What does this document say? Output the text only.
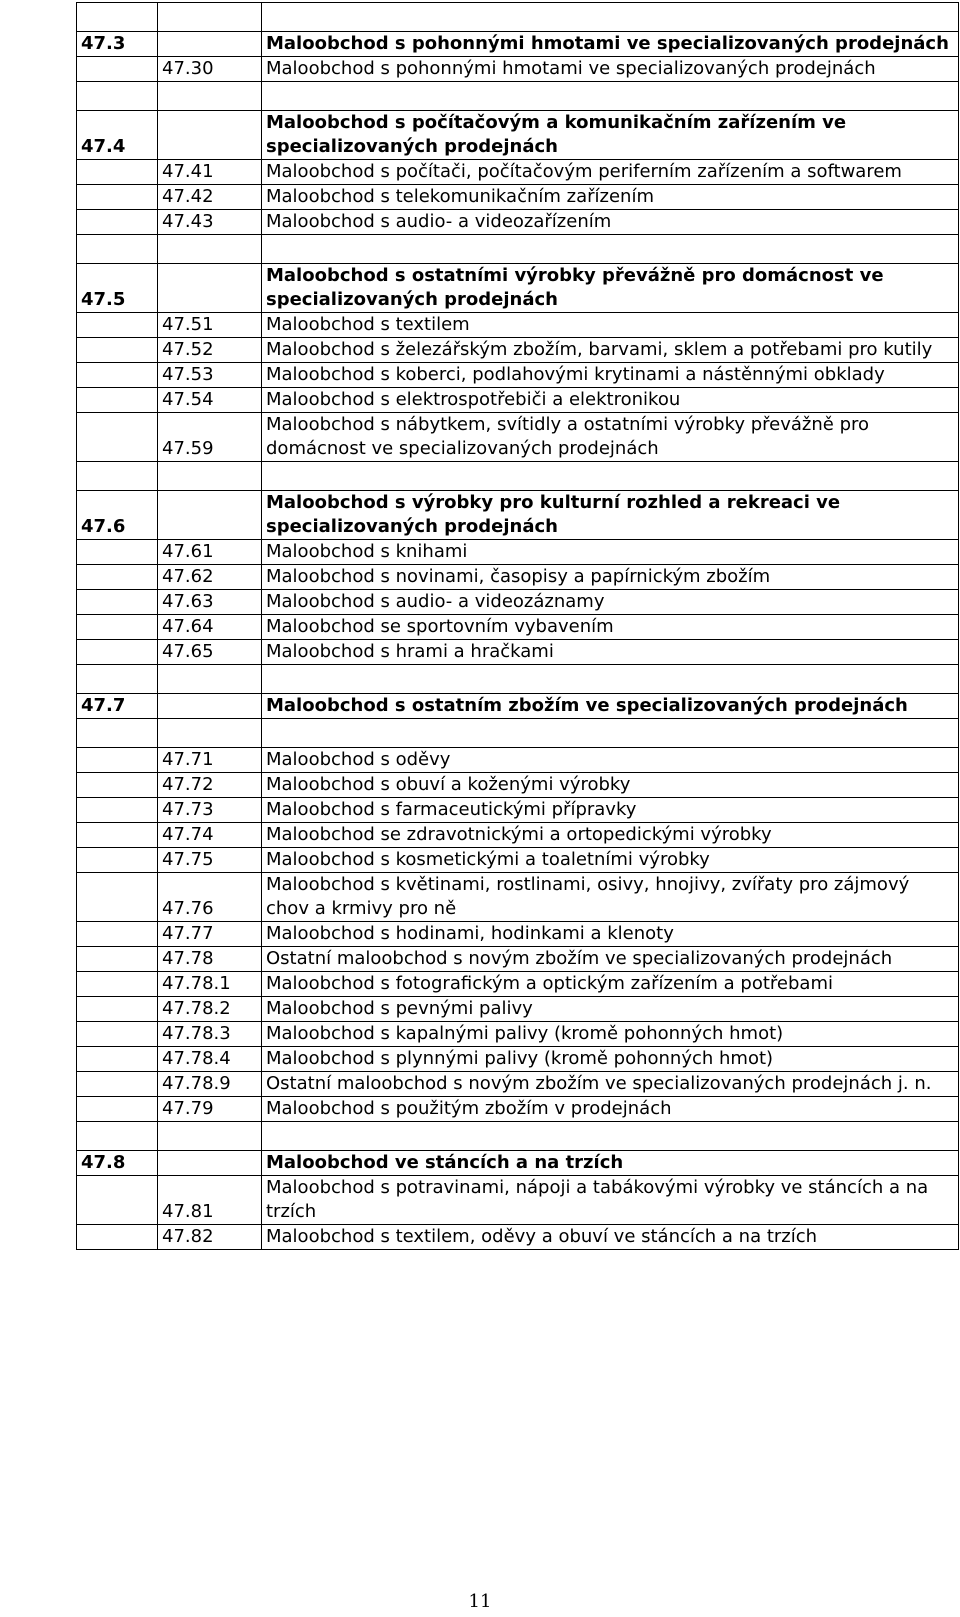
47.3		Maloobchod s pohonnými hmotami ve specializovaných prodejnách
	47.30	Maloobchod s pohonnými hmotami ve specializovaných prodejnách

47.4		Maloobchod s počítačovým a komunikačním zařízením ve specializovaných prodejnách
	47.41	Maloobchod s počítači, počítačovým periferním zařízením a softwarem
	47.42	Maloobchod s telekomunikačním zařízením
	47.43	Maloobchod s audio- a videozařízením

47.5		Maloobchod s ostatními výrobky převážně pro domácnost ve specializovaných prodejnách
	47.51	Maloobchod s textilem
	47.52	Maloobchod s železářským zbožím, barvami, sklem a potřebami pro kutily
	47.53	Maloobchod s koberci, podlahovými krytinami a nástěnnými obklady
	47.54	Maloobchod s elektrospotřebiči a elektronikou
	47.59	Maloobchod s nábytkem, svítidly a ostatními výrobky převážně pro domácnost ve specializovaných prodejnách

47.6		Maloobchod s výrobky pro kulturní rozhled a rekreaci ve specializovaných prodejnách
	47.61	Maloobchod s knihami
	47.62	Maloobchod s novinami, časopisy a papírnickým zbožím
	47.63	Maloobchod s audio- a videozáznamy
	47.64	Maloobchod se sportovním vybavením
	47.65	Maloobchod s hrami a hračkami

47.7		Maloobchod s ostatním zbožím ve specializovaných prodejnách

	47.71	Maloobchod s oděvy
	47.72	Maloobchod s obuví a koženými výrobky
	47.73	Maloobchod s farmaceutickými přípravky
	47.74	Maloobchod se zdravotnickými a ortopedickými výrobky
	47.75	Maloobchod s kosmetickými a toaletními výrobky
	47.76	Maloobchod s květinami, rostlinami, osivy, hnojivy, zvířaty pro zájmový chov a krmivy pro ně
	47.77	Maloobchod s hodinami, hodinkami a klenoty
	47.78	Ostatní maloobchod s novým zbožím ve specializovaných prodejnách
	47.78.1	Maloobchod s fotografickým a optickým zařízením a potřebami
	47.78.2	Maloobchod s pevnými palivy
	47.78.3	Maloobchod s kapalnými palivy (kromě pohonných hmot)
	47.78.4	Maloobchod s plynnými palivy (kromě pohonných hmot)
	47.78.9	Ostatní maloobchod s novým zbožím ve specializovaných prodejnách j. n.
	47.79	Maloobchod s použitým zbožím v prodejnách

47.8		Maloobchod ve stáncích a na trzích
	47.81	Maloobchod s potravinami, nápoji a tabákovými výrobky ve stáncích a na trzích
	47.82	Maloobchod s textilem, oděvy a obuví ve stáncích a na trzích
11
